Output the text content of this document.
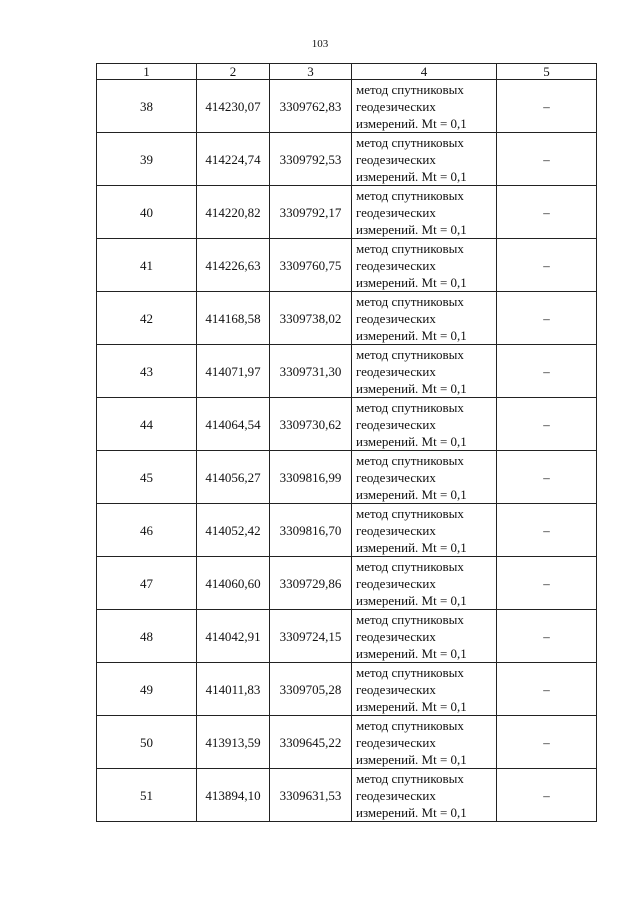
103
1	2	3	4	5
38	414230,07	3309762,83	метод спутниковых
геодезических
измерений. Mt = 0,1	–
39	414224,74	3309792,53	метод спутниковых
геодезических
измерений. Mt = 0,1	–
40	414220,82	3309792,17	метод спутниковых
геодезических
измерений. Mt = 0,1	–
41	414226,63	3309760,75	метод спутниковых
геодезических
измерений. Mt = 0,1	–
42	414168,58	3309738,02	метод спутниковых
геодезических
измерений. Mt = 0,1	–
43	414071,97	3309731,30	метод спутниковых
геодезических
измерений. Mt = 0,1	–
44	414064,54	3309730,62	метод спутниковых
геодезических
измерений. Mt = 0,1	–
45	414056,27	3309816,99	метод спутниковых
геодезических
измерений. Mt = 0,1	–
46	414052,42	3309816,70	метод спутниковых
геодезических
измерений. Mt = 0,1	–
47	414060,60	3309729,86	метод спутниковых
геодезических
измерений. Mt = 0,1	–
48	414042,91	3309724,15	метод спутниковых
геодезических
измерений. Mt = 0,1	–
49	414011,83	3309705,28	метод спутниковых
геодезических
измерений. Mt = 0,1	–
50	413913,59	3309645,22	метод спутниковых
геодезических
измерений. Mt = 0,1	–
51	413894,10	3309631,53	метод спутниковых
геодезических
измерений. Mt = 0,1	–
